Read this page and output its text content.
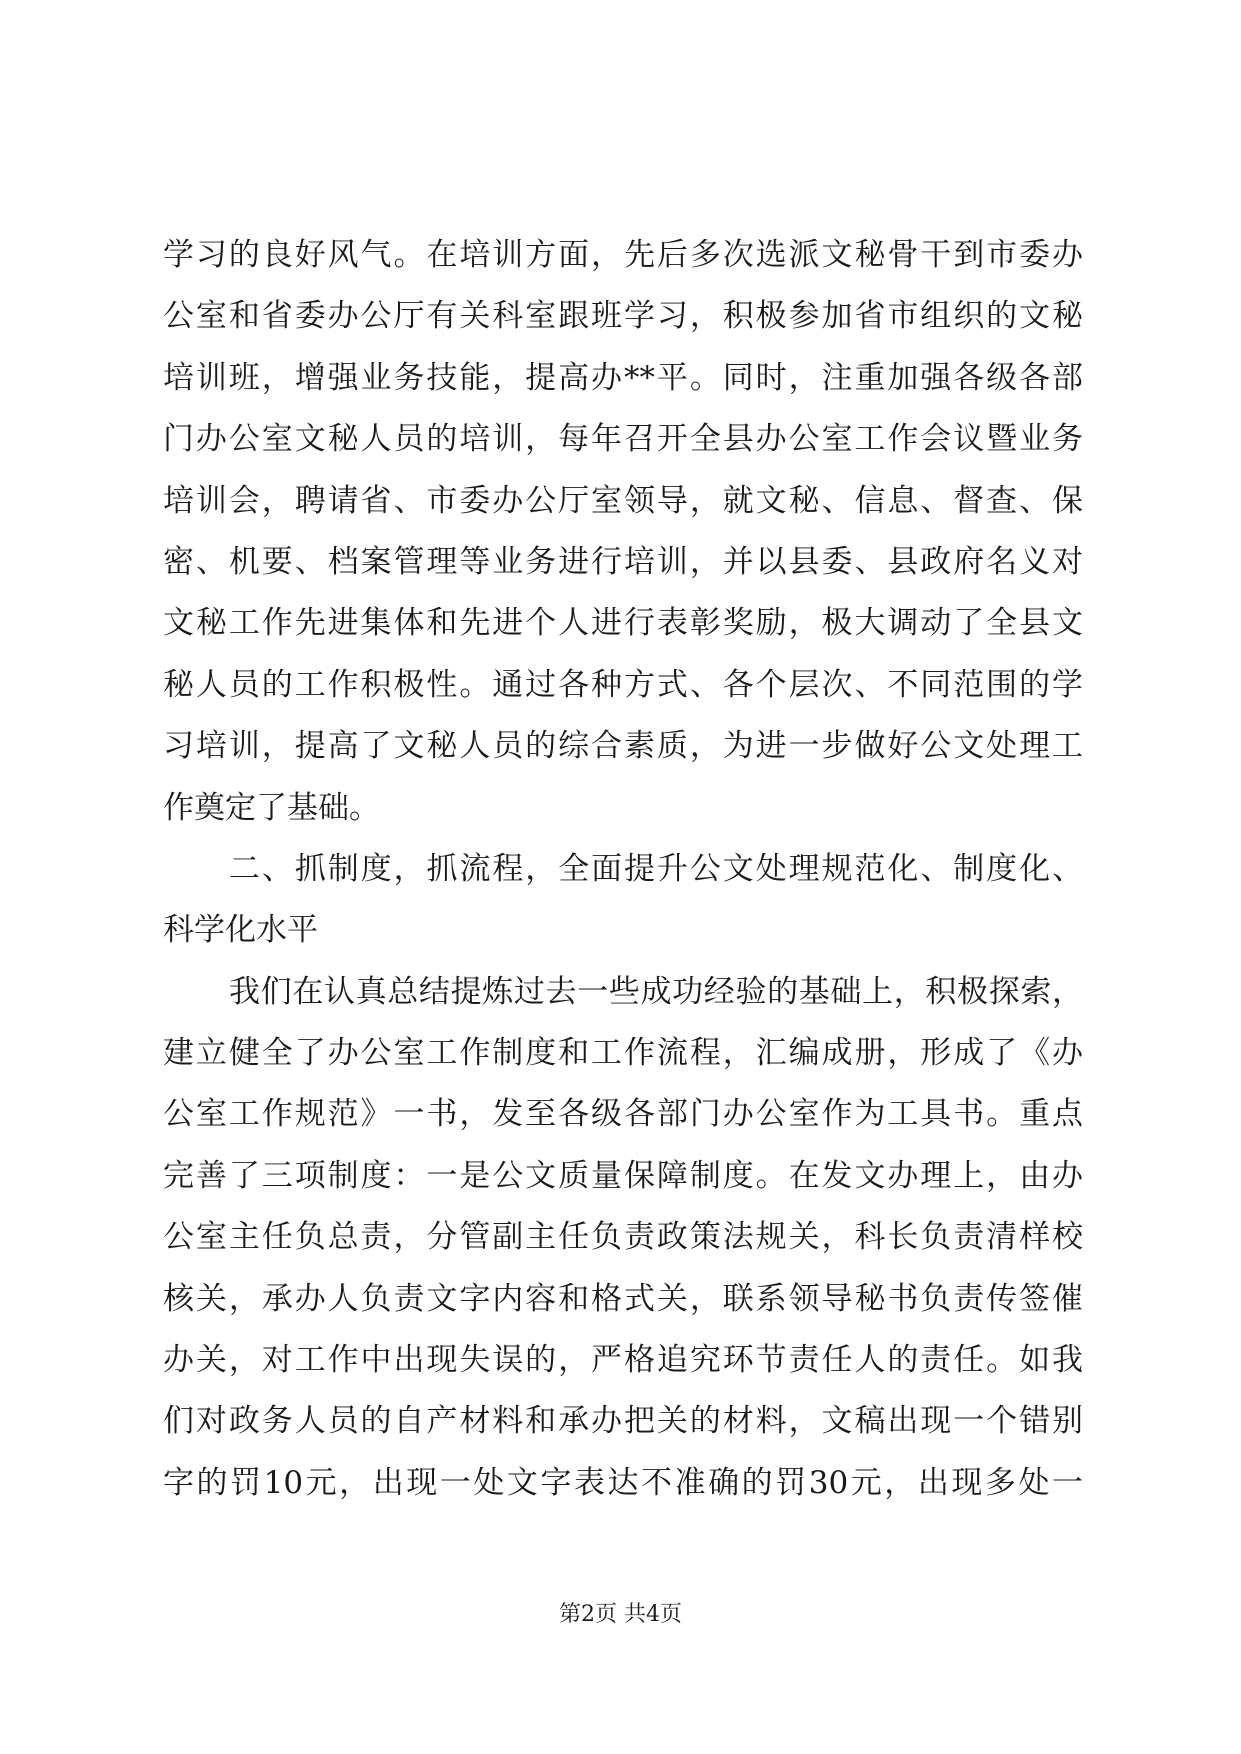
学习的良好风气。在培训方面，先后多次选派文秘骨干到市委办
公室和省委办公厅有关科室跟班学习，积极参加省市组织的文秘
培训班，增强业务技能，提高办**平。同时，注重加强各级各部
门办公室文秘人员的培训，每年召开全县办公室工作会议暨业务
培训会，聘请省、市委办公厅室领导，就文秘、信息、督查、保
密、机要、档案管理等业务进行培训，并以县委、县政府名义对
文秘工作先进集体和先进个人进行表彰奖励，极大调动了全县文
秘人员的工作积极性。通过各种方式、各个层次、不同范围的学
习培训，提高了文秘人员的综合素质，为进一步做好公文处理工
作奠定了基础。
二、抓制度，抓流程，全面提升公文处理规范化、制度化、
科学化水平
我们在认真总结提炼过去一些成功经验的基础上，积极探索，
建立健全了办公室工作制度和工作流程，汇编成册，形成了《办
公室工作规范》一书，发至各级各部门办公室作为工具书。重点
完善了三项制度：一是公文质量保障制度。在发文办理上，由办
公室主任负总责，分管副主任负责政策法规关，科长负责清样校
核关，承办人负责文字内容和格式关，联系领导秘书负责传签催
办关，对工作中出现失误的，严格追究环节责任人的责任。如我
们对政务人员的自产材料和承办把关的材料，文稿出现一个错别
字的罚10元，出现一处文字表达不准确的罚30元，出现多处一
第2页 共4页
